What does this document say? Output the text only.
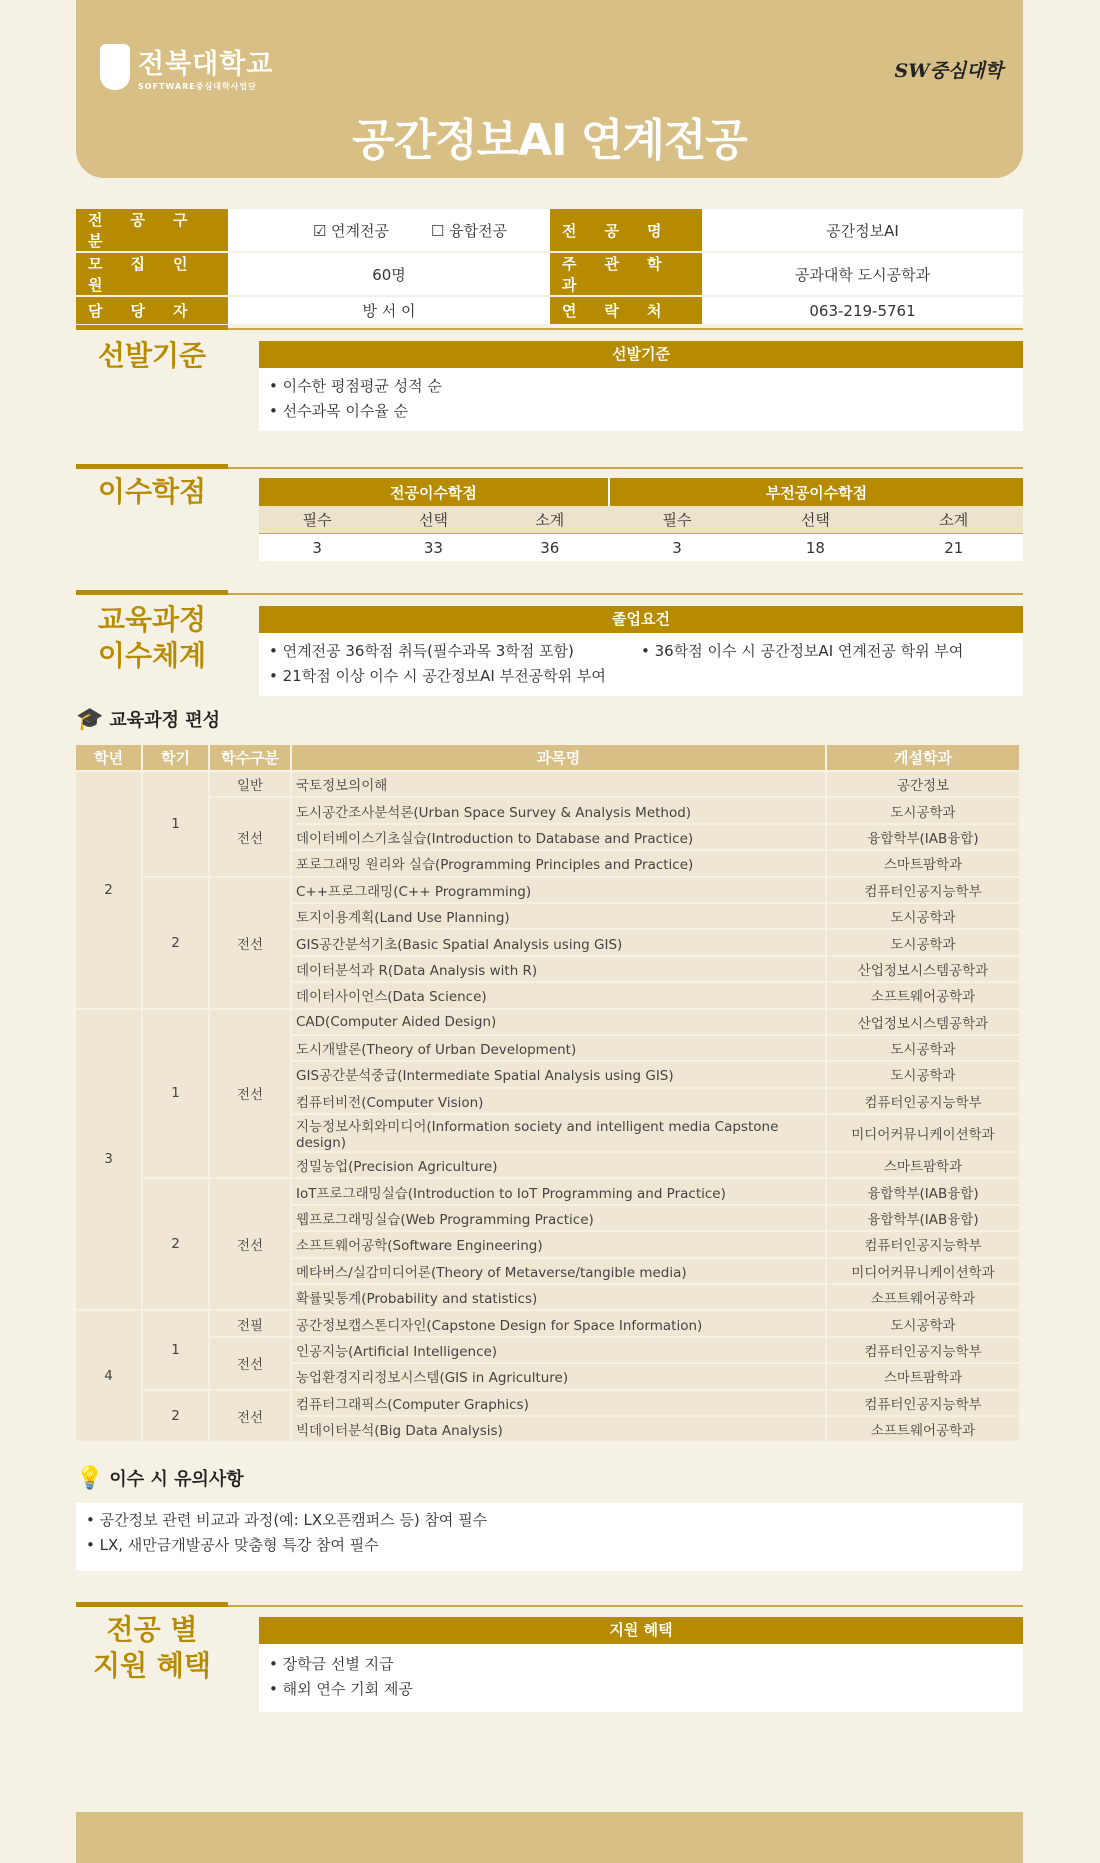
전북대학교
SOFTWARE중심대학사업단
SW중심대학
공간정보AI 연계전공
전공구분	☑ 연계전공 ☐ 융합전공	전공명	공간정보AI
모집인원	60명	주관학과	공과대학 도시공학과
담당자	방 서 이	연락처	063-219-5761
선발기준	선발기준
• 이수한 평점평균 성적 순
• 선수과목 이수율 순
이수학점	전공이수학점			부전공이수학점		
필수	선택	소계	필수	선택	소계
3	33	36	3	18	21
교육과정
이수체계
졸업요건
• 연계전공 36학점 취득(필수과목 3학점 포함)	• 36학점 이수 시 공간정보AI 연계전공 학위 부여
• 21학점 이상 이수 시 공간정보AI 부전공학위 부여
🎓 교육과정 편성
학년	학기	학수구분	과목명	개설학과
2	1	일반	국토정보의이해	공간정보
		전선	도시공간조사분석론(Urban Space Survey & Analysis Method)	도시공학과
			데이터베이스기초실습(Introduction to Database and Practice)	융합학부(IAB융합)
			포로그래밍 원리와 실습(Programming Principles and Practice)	스마트팜학과
	2	전선	C++프로그래밍(C++ Programming)	컴퓨터인공지능학부
			토지이용계획(Land Use Planning)	도시공학과
			GIS공간분석기초(Basic Spatial Analysis using GIS)	도시공학과
			데이터분석과 R(Data Analysis with R)	산업정보시스템공학과
			데이터사이언스(Data Science)	소프트웨어공학과
3	1	전선	CAD(Computer Aided Design)	산업정보시스템공학과
			도시개발론(Theory of Urban Development)	도시공학과
			GIS공간분석중급(Intermediate Spatial Analysis using GIS)	도시공학과
			컴퓨터비전(Computer Vision)	컴퓨터인공지능학부
			지능정보사회와미디어(Information society and intelligent media Capstone design)	미디어커뮤니케이션학과
			정밀농업(Precision Agriculture)	스마트팜학과
	2	전선	IoT프로그래밍실습(Introduction to IoT Programming and Practice)	융합학부(IAB융합)
			웹프로그래밍실습(Web Programming Practice)	융합학부(IAB융합)
			소프트웨어공학(Software Engineering)	컴퓨터인공지능학부
			메타버스/실감미디어론(Theory of Metaverse/tangible media)	미디어커뮤니케이션학과
			확률및통계(Probability and statistics)	소프트웨어공학과
4	1	전필	공간정보캡스톤디자인(Capstone Design for Space Information)	도시공학과
		전선	인공지능(Artificial Intelligence)	컴퓨터인공지능학부
			농업환경지리정보시스템(GIS in Agriculture)	스마트팜학과
	2	전선	컴퓨터그래픽스(Computer Graphics)	컴퓨터인공지능학부
			빅데이터분석(Big Data Analysis)	소프트웨어공학과
💡 이수 시 유의사항
• 공간정보 관련 비교과 과정(예: LX오픈캠퍼스 등) 참여 필수
• LX, 새만금개발공사 맞춤형 특강 참여 필수
전공 별
지원 혜택
지원 혜택
• 장학금 선별 지급
• 해외 연수 기회 제공
